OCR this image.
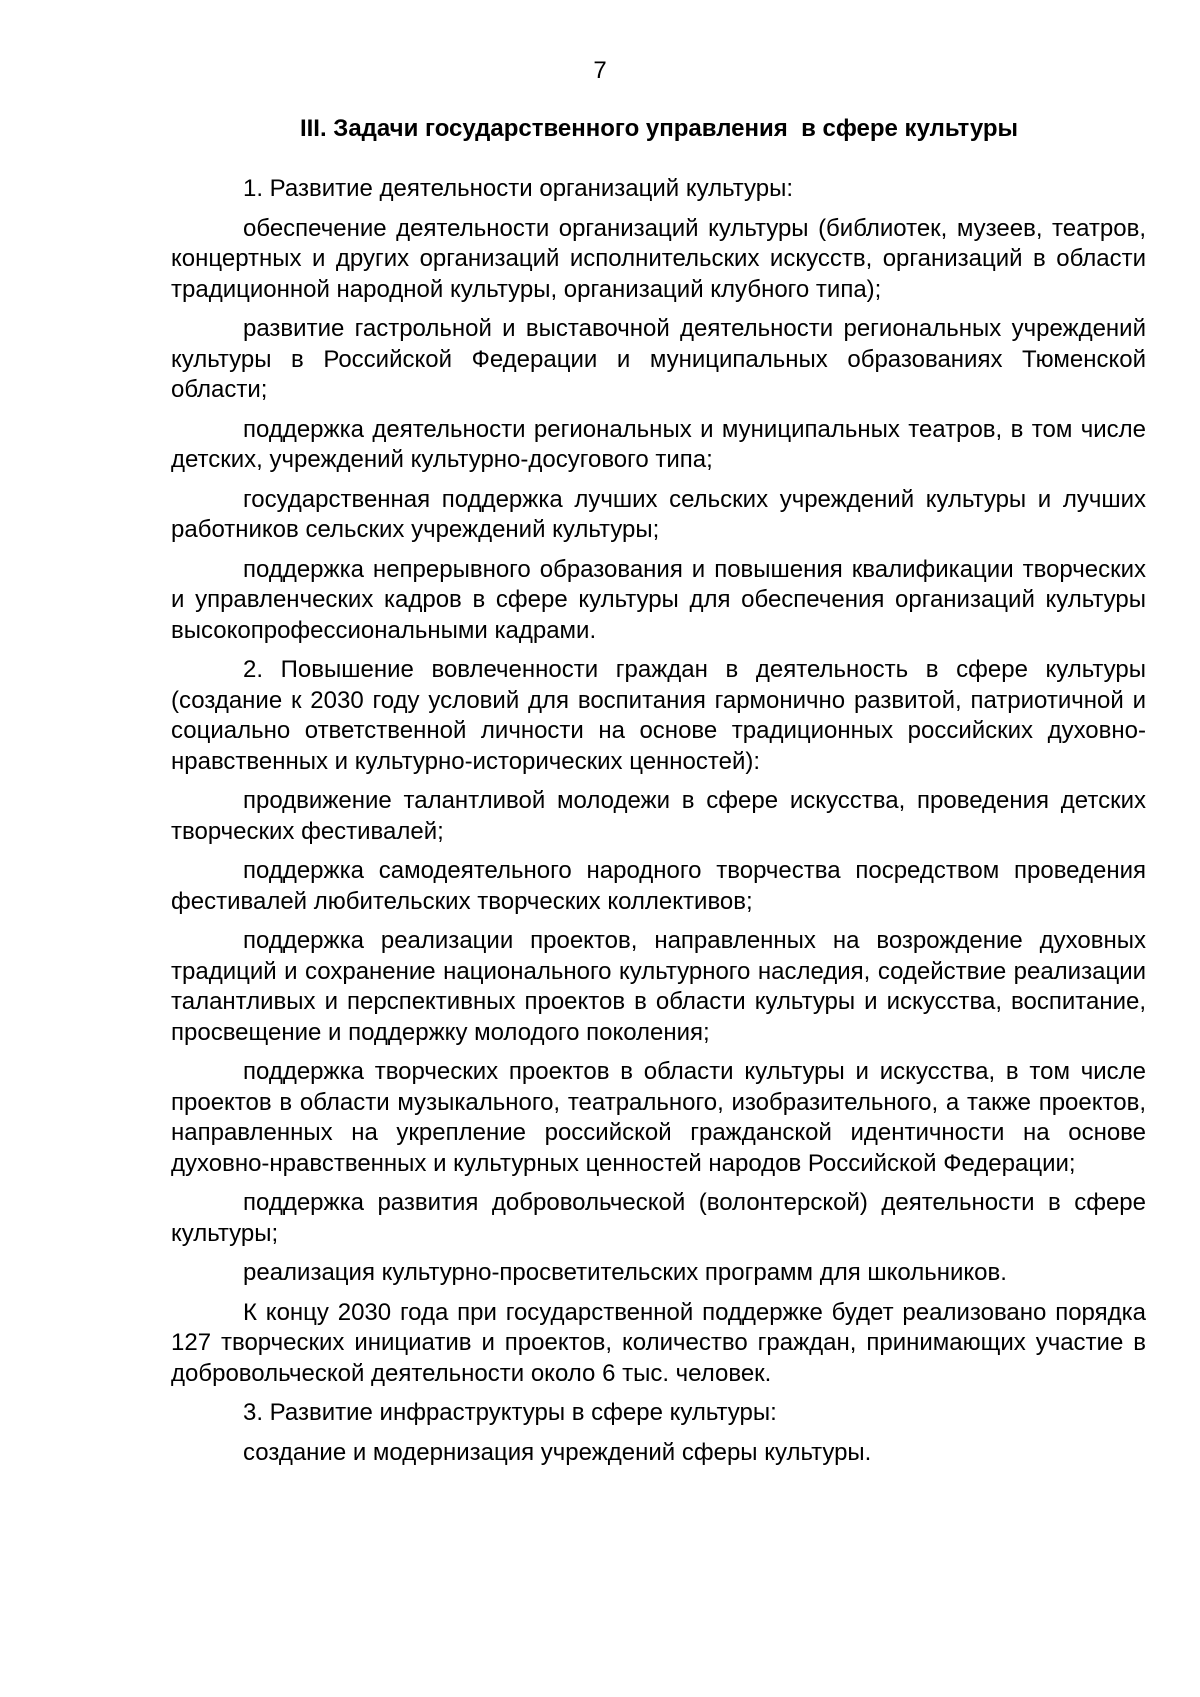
7
III. Задачи государственного управления  в сфере культуры

1. Развитие деятельности организаций культуры:

обеспечение деятельности организаций культуры (библиотек, музеев, театров, концертных и других организаций исполнительских искусств, организаций в области традиционной народной культуры, организаций клубного типа);

развитие гастрольной и выставочной деятельности региональных учреждений культуры в Российской Федерации и муниципальных образованиях Тюменской области;

поддержка деятельности региональных и муниципальных театров, в том числе детских, учреждений культурно-досугового типа;

государственная поддержка лучших сельских учреждений культуры и лучших работников сельских учреждений культуры;

поддержка непрерывного образования и повышения квалификации творческих и управленческих кадров в сфере культуры для обеспечения организаций культуры высокопрофессиональными кадрами.

2. Повышение вовлеченности граждан в деятельность в сфере культуры (создание к 2030 году условий для воспитания гармонично развитой, патриотичной и социально ответственной личности на основе традиционных российских духовно-нравственных и культурно-исторических ценностей):

продвижение талантливой молодежи в сфере искусства, проведения детских творческих фестивалей;

поддержка самодеятельного народного творчества посредством проведения фестивалей любительских творческих коллективов;

поддержка реализации проектов, направленных на возрождение духовных традиций и сохранение национального культурного наследия, содействие реализации талантливых и перспективных проектов в области культуры и искусства, воспитание, просвещение и поддержку молодого поколения;

поддержка творческих проектов в области культуры и искусства, в том числе проектов в области музыкального, театрального, изобразительного, а также проектов, направленных на укрепление российской гражданской идентичности на основе духовно-нравственных и культурных ценностей народов Российской Федерации;

поддержка развития добровольческой (волонтерской) деятельности в сфере культуры;

реализация культурно-просветительских программ для школьников.

К концу 2030 года при государственной поддержке будет реализовано порядка 127 творческих инициатив и проектов, количество граждан, принимающих участие в добровольческой деятельности около 6 тыс. человек.

3. Развитие инфраструктуры в сфере культуры:

создание и модернизация учреждений сферы культуры.
